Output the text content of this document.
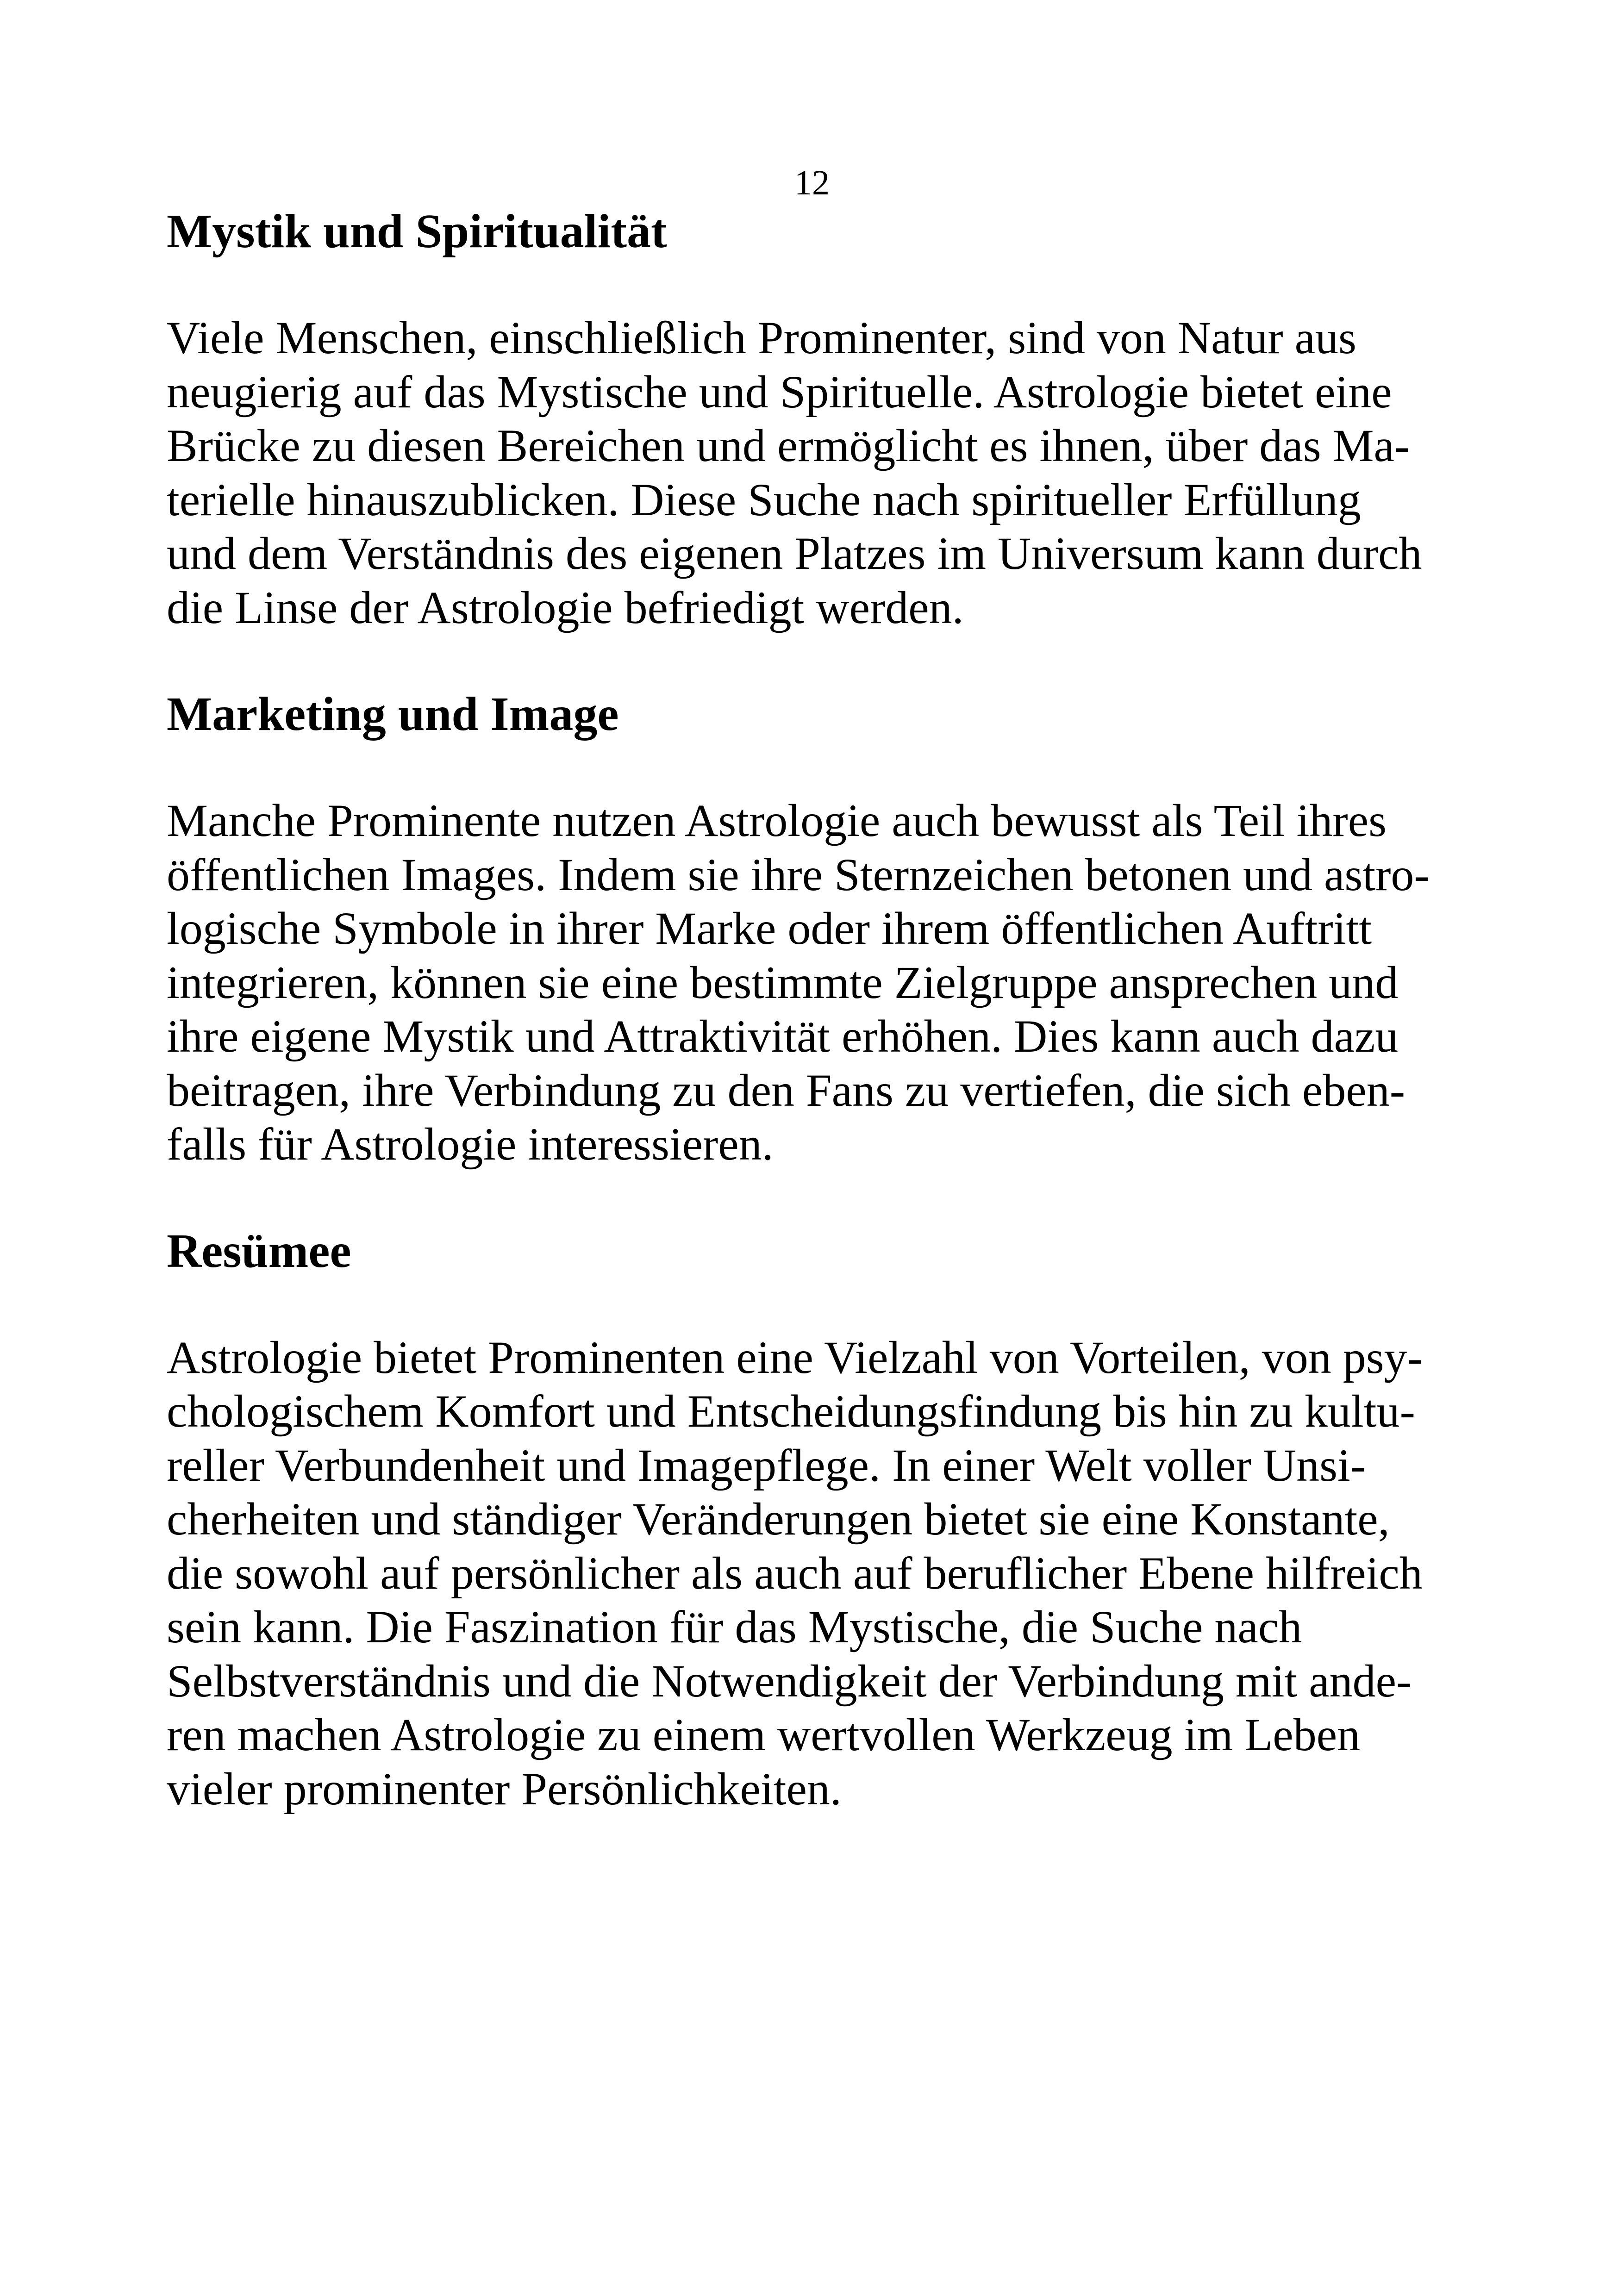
12
Mystik und Spiritualität

Viele Menschen, einschließlich Prominenter, sind von Natur aus
neugierig auf das Mystische und Spirituelle. Astrologie bietet eine
Brücke zu diesen Bereichen und ermöglicht es ihnen, über das Ma-
terielle hinauszublicken. Diese Suche nach spiritueller Erfüllung
und dem Verständnis des eigenen Platzes im Universum kann durch
die Linse der Astrologie befriedigt werden.

Marketing und Image

Manche Prominente nutzen Astrologie auch bewusst als Teil ihres
öffentlichen Images. Indem sie ihre Sternzeichen betonen und astro-
logische Symbole in ihrer Marke oder ihrem öffentlichen Auftritt
integrieren, können sie eine bestimmte Zielgruppe ansprechen und
ihre eigene Mystik und Attraktivität erhöhen. Dies kann auch dazu
beitragen, ihre Verbindung zu den Fans zu vertiefen, die sich eben-
falls für Astrologie interessieren.

Resümee

Astrologie bietet Prominenten eine Vielzahl von Vorteilen, von psy-
chologischem Komfort und Entscheidungsfindung bis hin zu kultu-
reller Verbundenheit und Imagepflege. In einer Welt voller Unsi-
cherheiten und ständiger Veränderungen bietet sie eine Konstante,
die sowohl auf persönlicher als auch auf beruflicher Ebene hilfreich
sein kann. Die Faszination für das Mystische, die Suche nach
Selbstverständnis und die Notwendigkeit der Verbindung mit ande-
ren machen Astrologie zu einem wertvollen Werkzeug im Leben
vieler prominenter Persönlichkeiten.
